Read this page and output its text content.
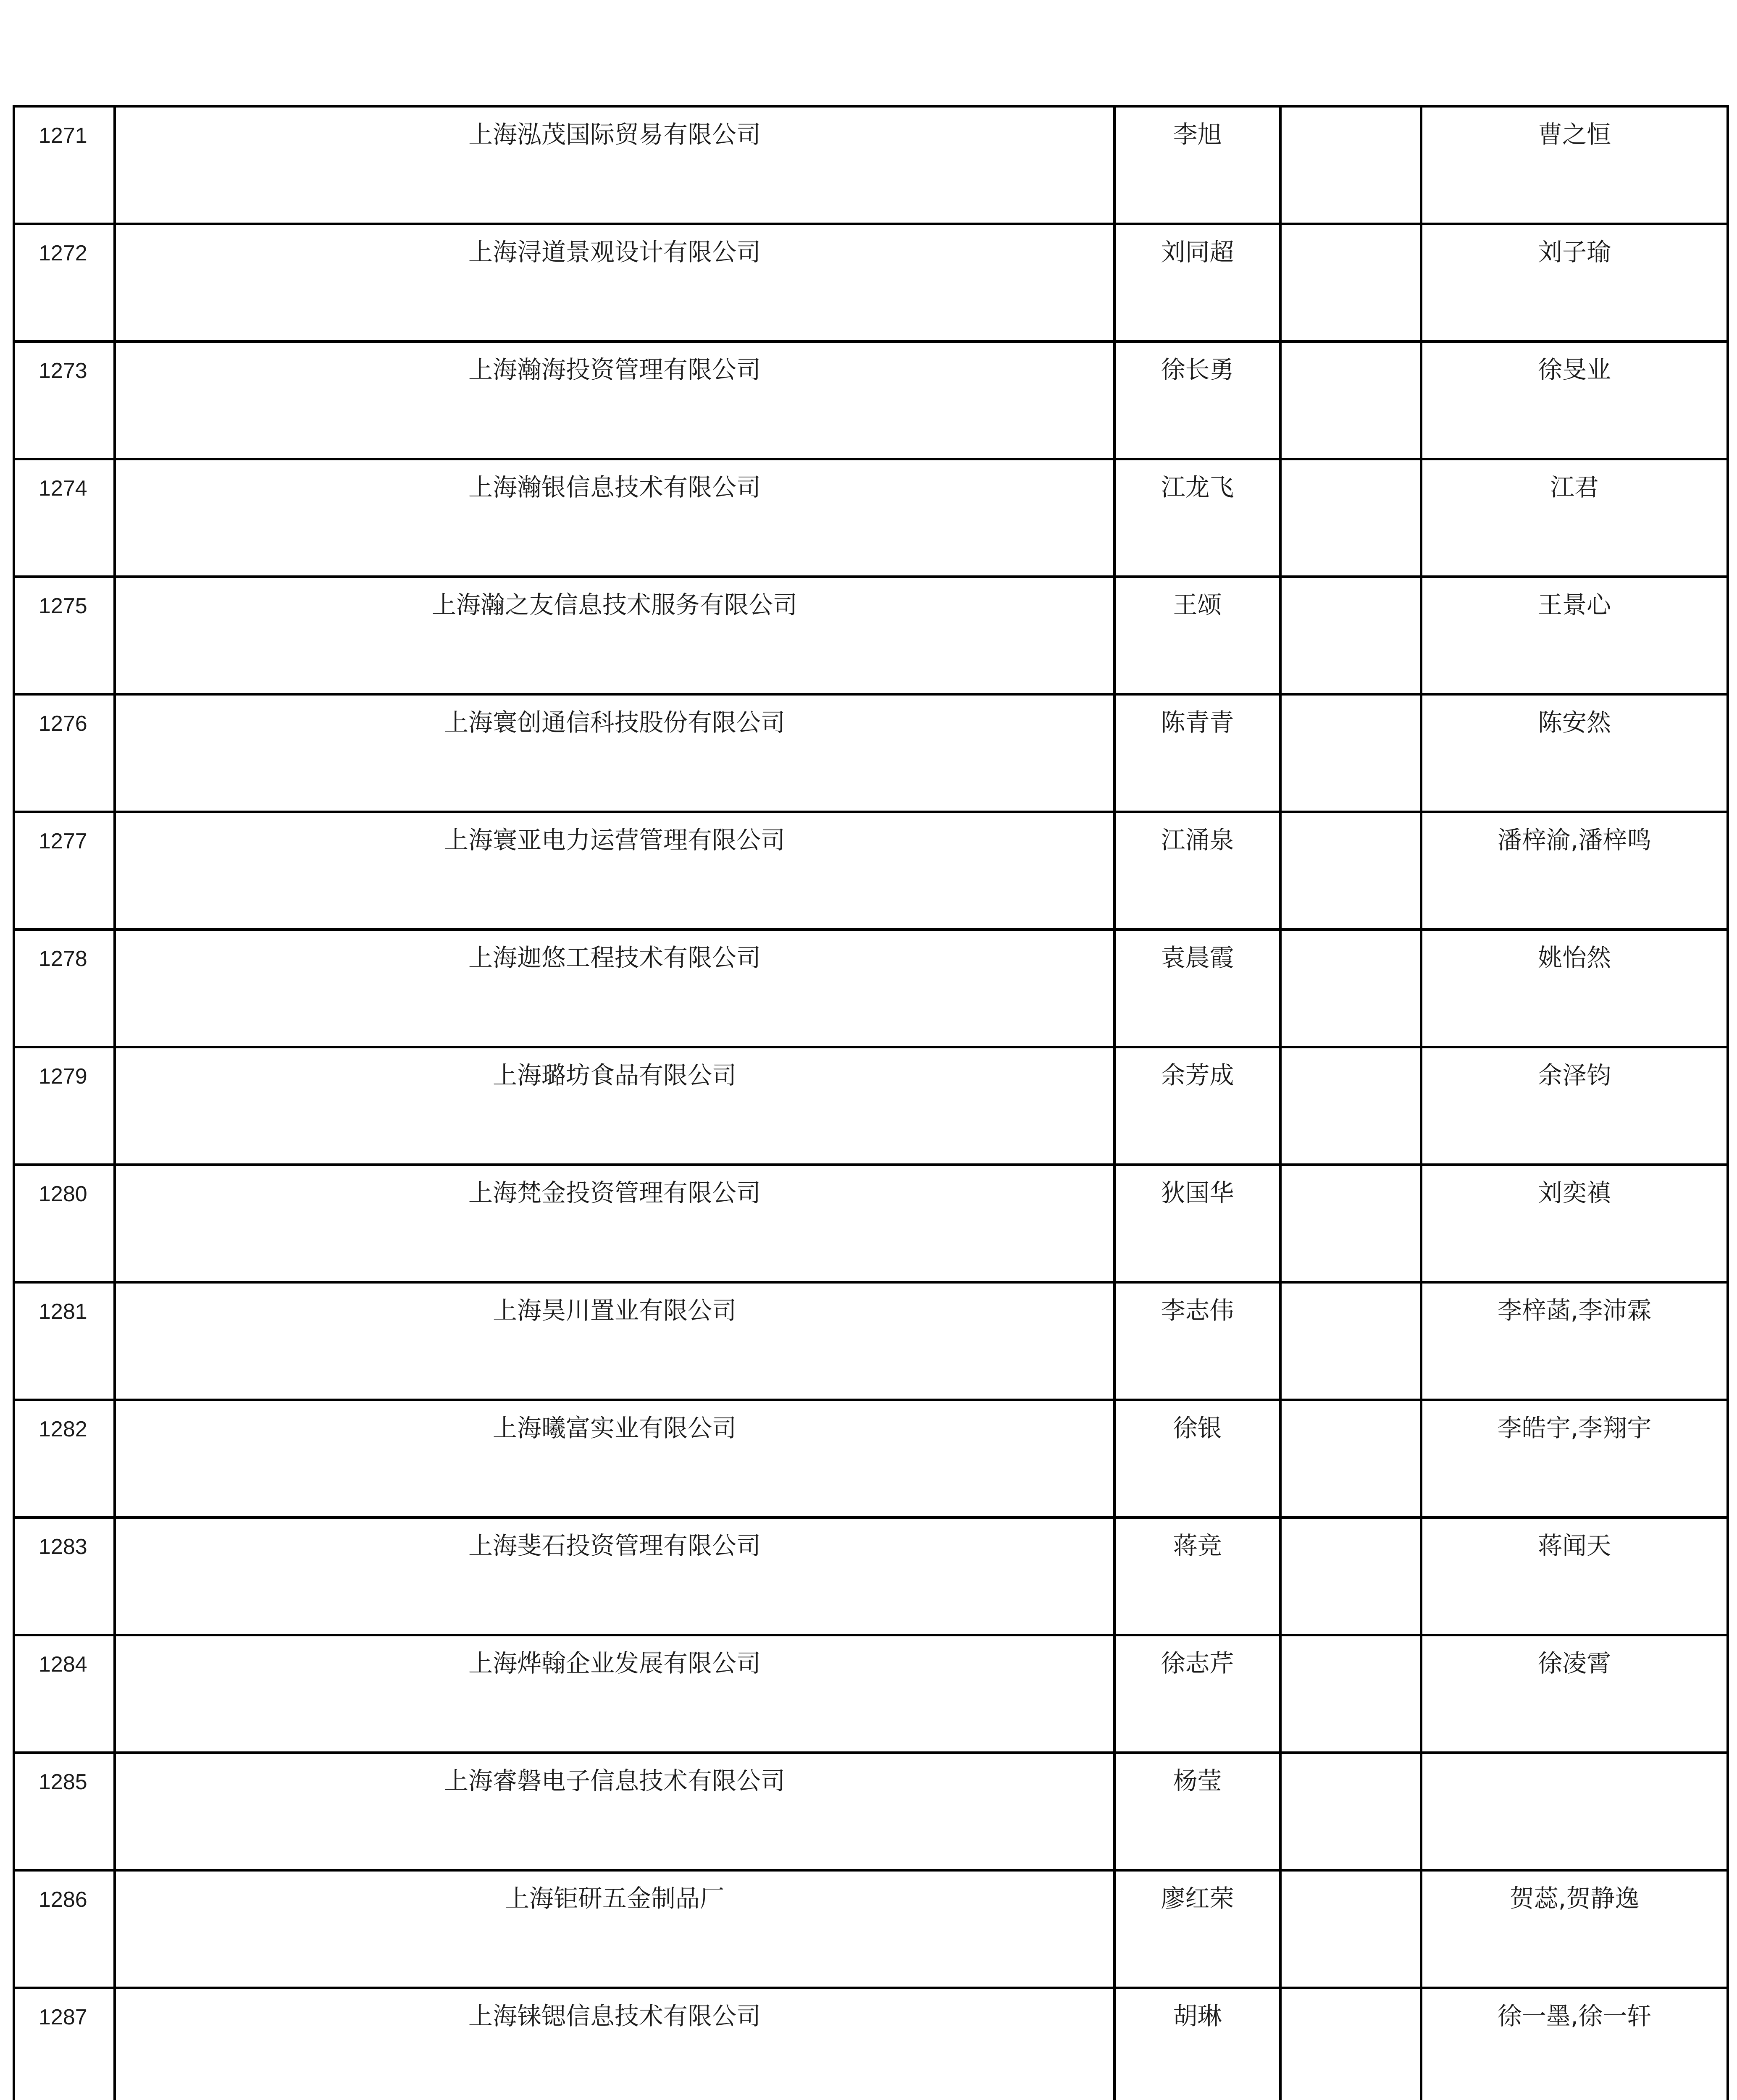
1271	上海泓茂国际贸易有限公司	李旭		曹之恒
1272	上海浔道景观设计有限公司	刘同超		刘子瑜
1273	上海瀚海投资管理有限公司	徐长勇		徐旻业
1274	上海瀚银信息技术有限公司	江龙飞		江君
1275	上海瀚之友信息技术服务有限公司	王颂		王景心
1276	上海寰创通信科技股份有限公司	陈青青		陈安然
1277	上海寰亚电力运营管理有限公司	江涌泉		潘梓渝,潘梓鸣
1278	上海迦悠工程技术有限公司	袁晨霞		姚怡然
1279	上海璐坊食品有限公司	余芳成		余泽钧
1280	上海梵金投资管理有限公司	狄国华		刘奕禛
1281	上海昊川置业有限公司	李志伟		李梓菡,李沛霖
1282	上海曦富实业有限公司	徐银		李皓宇,李翔宇
1283	上海斐石投资管理有限公司	蒋竞		蒋闻天
1284	上海烨翰企业发展有限公司	徐志芹		徐凌霄
1285	上海睿磐电子信息技术有限公司	杨莹		
1286	上海钜研五金制品厂	廖红荣		贺蕊,贺静逸
1287	上海铼锶信息技术有限公司	胡琳		徐一墨,徐一轩
